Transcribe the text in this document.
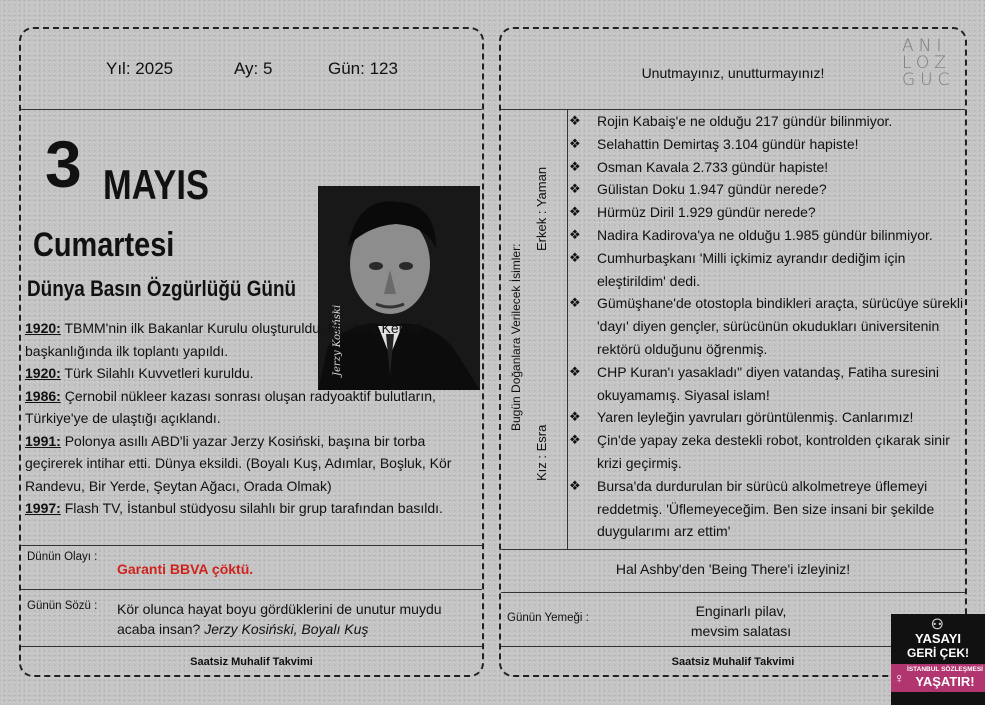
Yıl: 2025	Ay: 5	Gün: 123
3 MAYIS
Cumartesi
Dünya Basın Özgürlüğü Günü
Jerzy Kosiński

1920: TBMM'nin ilk Bakanlar Kurulu oluşturuldu. Mustafa Kemal başkanlığında ilk toplantı yapıldı.

1920: Türk Silahlı Kuvvetleri kuruldu.

1986: Çernobil nükleer kazası sonrası oluşan radyoaktif bulutların, Türkiye'ye de ulaştığı açıklandı.

1991: Polonya asıllı ABD'li yazar Jerzy Kosiński, başına bir torba geçirerek intihar etti. Dünya eksildi. (Boyalı Kuş, Adımlar, Boşluk, Kör Randevu, Bir Yerde, Şeytan Ağacı, Orada Olmak)

1997: Flash TV, İstanbul stüdyosu silahlı bir grup tarafından basıldı.

Dünün Olayı :
Garanti BBVA çöktü.
Günün Sözü : Kör olunca hayat boyu gördüklerini de unutur muydu acaba insan? Jerzy Kosiński, Boyalı Kuş
Saatsiz Muhalif Takvimi
Unutmayınız, unutturmayınız!
Bugün Doğanlara Verilecek İsimler:
Erkek : Yaman
Kız : Esra
❖ Rojin Kabaiş'e ne olduğu 217 gündür bilinmiyor.
❖ Selahattin Demirtaş 3.104 gündür hapiste!
❖ Osman Kavala 2.733 gündür hapiste!
❖ Gülistan Doku 1.947 gündür nerede?
❖ Hürmüz Diril 1.929 gündür nerede?
❖ Nadira Kadirova'ya ne olduğu 1.985 gündür bilinmiyor.
❖ Cumhurbaşkanı 'Milli içkimiz ayrandır dediğim için eleştirildim' dedi.
❖ Gümüşhane'de otostopla bindikleri araçta, sürücüye sürekli 'dayı' diyen gençler, sürücünün okudukları üniversitenin rektörü olduğunu öğrenmiş.
❖ CHP Kuran'ı yasakladı" diyen vatandaş, Fatiha suresini okuyamamış. Siyasal islam!
❖ Yaren leyleğin yavruları görüntülenmiş. Canlarımız!
❖ Çin'de yapay zeka destekli robot, kontrolden çıkarak sinir krizi geçirmiş.
❖ Bursa'da durdurulan bir sürücü alkolmetreye üflemeyi reddetmiş. 'Üflemeyeceğim. Ben size insani bir şekilde duygularımı arz ettim'
Hal Ashby'den 'Being There'i izleyiniz!
Günün Yemeği :	Enginarlı pilav,
mevsim salatası
Saatsiz Muhalif Takvimi
ANI
LOZ
GUC
YASAYI
GERİ ÇEK!
⚇
♀
İSTANBUL SÖZLEŞMESİ
YAŞATIR!
